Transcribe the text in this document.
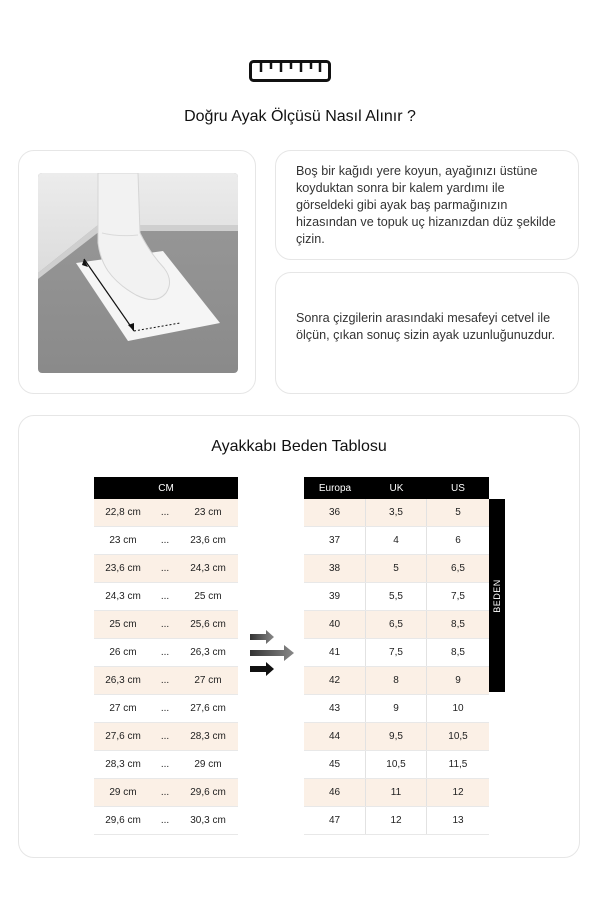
Doğru Ayak Ölçüsü Nasıl Alınır ?

Boş bir kağıdı yere koyun, ayağınızı üstüne koyduktan sonra bir kalem yardımı ile görseldeki gibi ayak baş parmağınızın hizasından ve topuk uç hizanızdan düz şekilde çizin.

Sonra çizgilerin arasındaki mesafeyi cetvel ile ölçün, çıkan sonuç sizin ayak uzunluğunuzdur.

Ayakkabı Beden Tablosu
CM
22,8 cm	...	23 cm
23 cm	...	23,6 cm
23,6 cm	...	24,3 cm
24,3 cm	...	25 cm
25 cm	...	25,6 cm
26 cm	...	26,3 cm
26,3 cm	...	27 cm
27 cm	...	27,6 cm
27,6 cm	...	28,3 cm
28,3 cm	...	29 cm
29 cm	...	29,6 cm
29,6 cm	...	30,3 cm
Europa	UK	US
36	3,5	5
37	4	6
38	5	6,5
39	5,5	7,5
40	6,5	8,5
41	7,5	8,5
42	8	9
43	9	10
44	9,5	10,5
45	10,5	11,5
46	11	12
47	12	13
BEDEN
